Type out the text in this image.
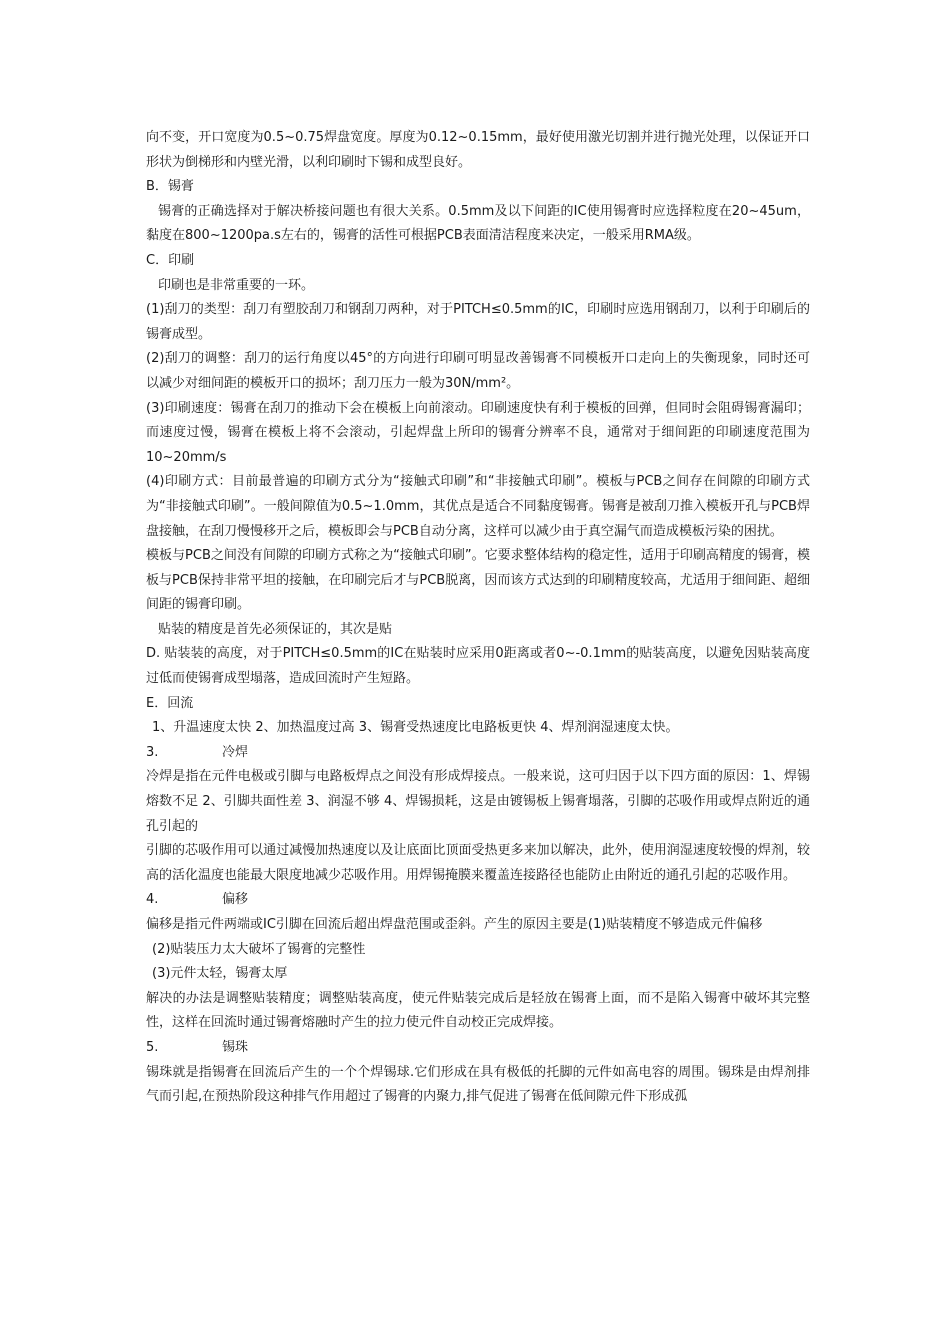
向不变，开口宽度为0.5~0.75焊盘宽度。厚度为0.12~0.15mm，最好使用激光切割并进行抛光处理，以保证开口形状为倒梯形和内壁光滑，以利印刷时下锡和成型良好。

B．锡膏

锡膏的正确选择对于解决桥接问题也有很大关系。0.5mm及以下间距的IC使用锡膏时应选择粒度在20~45um，黏度在800~1200pa.s左右的，锡膏的活性可根据PCB表面清洁程度来决定，一般采用RMA级。

C．印刷

印刷也是非常重要的一环。

(1)刮刀的类型：刮刀有塑胶刮刀和钢刮刀两种，对于PITCH≤0.5mm的IC，印刷时应选用钢刮刀，以利于印刷后的锡膏成型。

(2)刮刀的调整：刮刀的运行角度以45°的方向进行印刷可明显改善锡膏不同模板开口走向上的失衡现象，同时还可以减少对细间距的模板开口的损坏；刮刀压力一般为30N/mm²。

(3)印刷速度：锡膏在刮刀的推动下会在模板上向前滚动。印刷速度快有利于模板的回弹，但同时会阻碍锡膏漏印；而速度过慢，锡膏在模板上将不会滚动，引起焊盘上所印的锡膏分辨率不良，通常对于细间距的印刷速度范围为10~20mm/s

(4)印刷方式：目前最普遍的印刷方式分为“接触式印刷”和“非接触式印刷”。模板与PCB之间存在间隙的印刷方式为“非接触式印刷”。一般间隙值为0.5~1.0mm，其优点是适合不同黏度锡膏。锡膏是被刮刀推入模板开孔与PCB焊盘接触，在刮刀慢慢移开之后，模板即会与PCB自动分离，这样可以减少由于真空漏气而造成模板污染的困扰。

模板与PCB之间没有间隙的印刷方式称之为“接触式印刷”。它要求整体结构的稳定性，适用于印刷高精度的锡膏，模板与PCB保持非常平坦的接触，在印刷完后才与PCB脱离，因而该方式达到的印刷精度较高，尤适用于细间距、超细间距的锡膏印刷。

贴装的精度是首先必须保证的，其次是贴

D. 贴装装的高度，对于PITCH≤0.5mm的IC在贴装时应采用0距离或者0~-0.1mm的贴装高度，以避免因贴装高度过低而使锡膏成型塌落，造成回流时产生短路。

E．回流

1、升温速度太快 2、加热温度过高 3、锡膏受热速度比电路板更快 4、焊剂润湿速度太快。

3.	冷焊

冷焊是指在元件电极或引脚与电路板焊点之间没有形成焊接点。一般来说，这可归因于以下四方面的原因：1、焊锡熔数不足 2、引脚共面性差 3、润湿不够 4、焊锡损耗，这是由镀锡板上锡膏塌落，引脚的芯吸作用或焊点附近的通孔引起的

引脚的芯吸作用可以通过减慢加热速度以及让底面比顶面受热更多来加以解决，此外，使用润湿速度较慢的焊剂，较高的活化温度也能最大限度地减少芯吸作用。用焊锡掩膜来覆盖连接路径也能防止由附近的通孔引起的芯吸作用。

4.	偏移

偏移是指元件两端或IC引脚在回流后超出焊盘范围或歪斜。产生的原因主要是(1)贴装精度不够造成元件偏移

(2)贴装压力太大破坏了锡膏的完整性

(3)元件太轻，锡膏太厚

解决的办法是调整贴装精度；调整贴装高度，使元件贴装完成后是轻放在锡膏上面，而不是陷入锡膏中破坏其完整性，这样在回流时通过锡膏熔融时产生的拉力使元件自动校正完成焊接。

5.	锡珠

锡珠就是指锡膏在回流后产生的一个个焊锡球.它们形成在具有极低的托脚的元件如高电容的周围。锡珠是由焊剂排气而引起,在预热阶段这种排气作用超过了锡膏的内聚力,排气促进了锡膏在低间隙元件下形成孤
